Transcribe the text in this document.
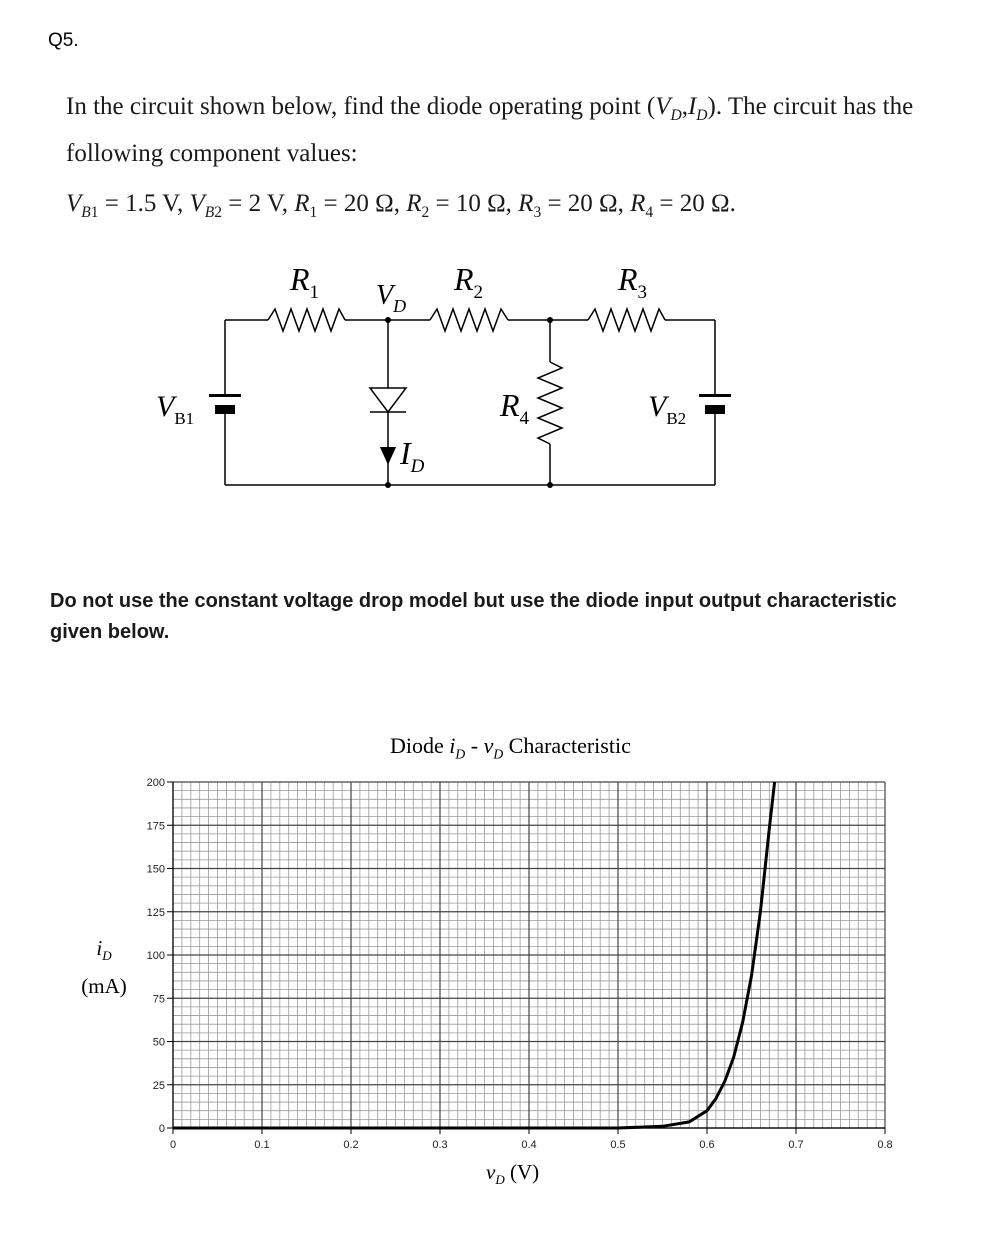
Q5.
In the circuit shown below, find the diode operating point $(V_D,I_D)$. The circuit has the following component values:
$V_{B1} = 1.5$ V, $V_{B2} = 2$ V, $R_1 = 20$ Ω, $R_2 = 10$ Ω, $R_3 = 20$ Ω, $R_4 = 20$ Ω.
$R_1$ $V_D$
$R_2$	$R_3$
$V_{B1}$	$R_4$	$V_{B2}$
$I_D$
Do not use the constant voltage drop model but use the diode input output characteristic given below.
Diode $i_D - v_D$ Characteristic
$i_D$
(mA)
$v_D$ (V)
0	0.1	0.2	0.3	0.4	0.5	0.6	0.7	0.8
0
25
50
75
100
125
150
175
200
